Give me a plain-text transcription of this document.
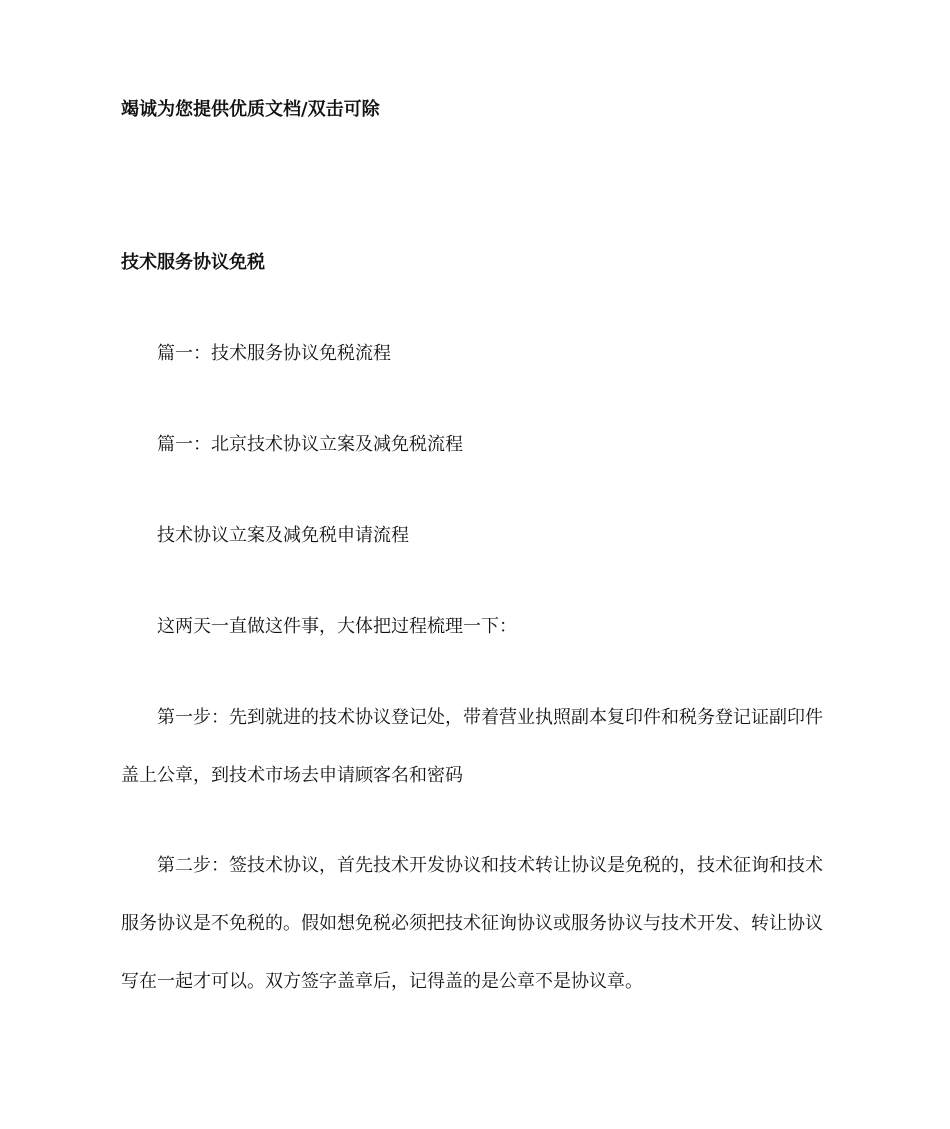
竭诚为您提供优质文档/双击可除
技术服务协议免税
篇一：技术服务协议免税流程
篇一：北京技术协议立案及减免税流程
技术协议立案及减免税申请流程
这两天一直做这件事，大体把过程梳理一下：
第一步：先到就进的技术协议登记处，带着营业执照副本复印件和税务登记证副印件
盖上公章，到技术市场去申请顾客名和密码
第二步：签技术协议，首先技术开发协议和技术转让协议是免税的，技术征询和技术
服务协议是不免税的。假如想免税必须把技术征询协议或服务协议与技术开发、转让协议
写在一起才可以。双方签字盖章后，记得盖的是公章不是协议章。
